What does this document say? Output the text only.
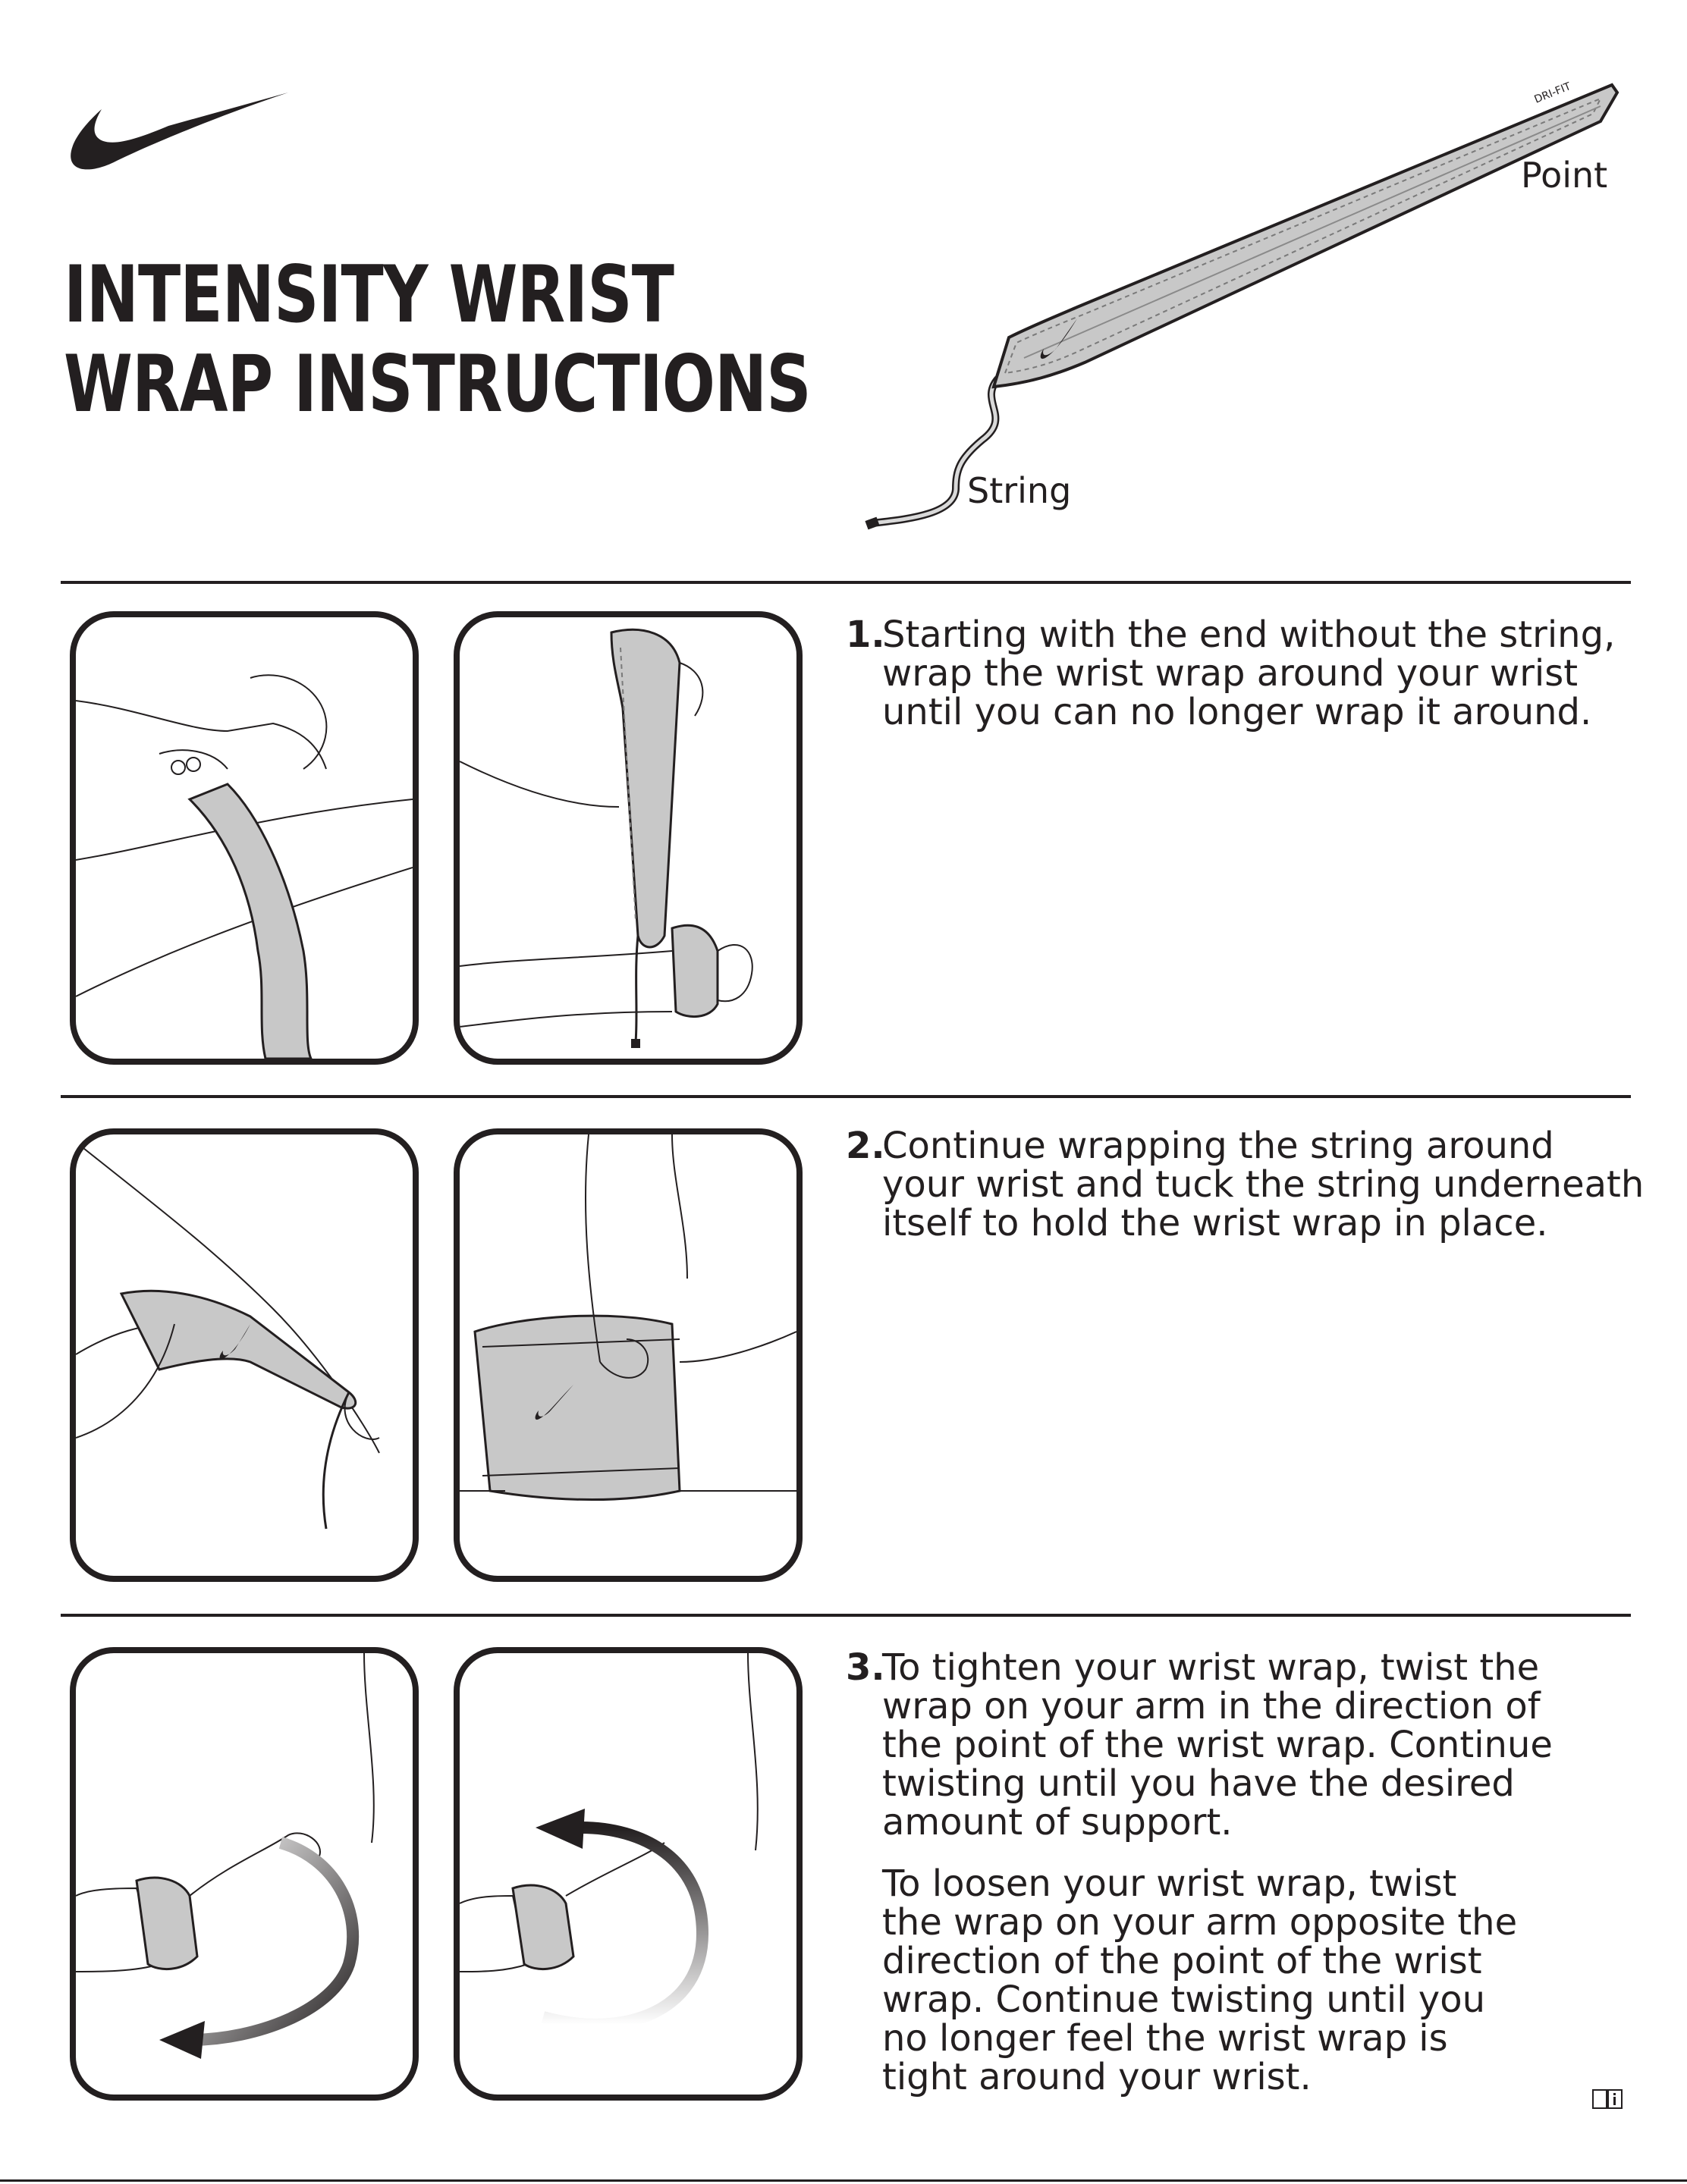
INTENSITY WRIST
WRAP INSTRUCTIONS
DRI-FIT
Point
String
1.
Starting with the end without the string,
wrap the wrist wrap around your wrist
until you can no longer wrap it around.
2.
Continue wrapping the string around
your wrist and tuck the string underneath
itself to hold the wrist wrap in place.
3.
To tighten your wrist wrap, twist the
wrap on your arm in the direction of
the point of the wrist wrap. Continue
twisting until you have the desired
amount of support.
To loosen your wrist wrap, twist
the wrap on your arm opposite the
direction of the point of the wrist
wrap. Continue twisting until you
no longer feel the wrist wrap is
tight around your wrist.
